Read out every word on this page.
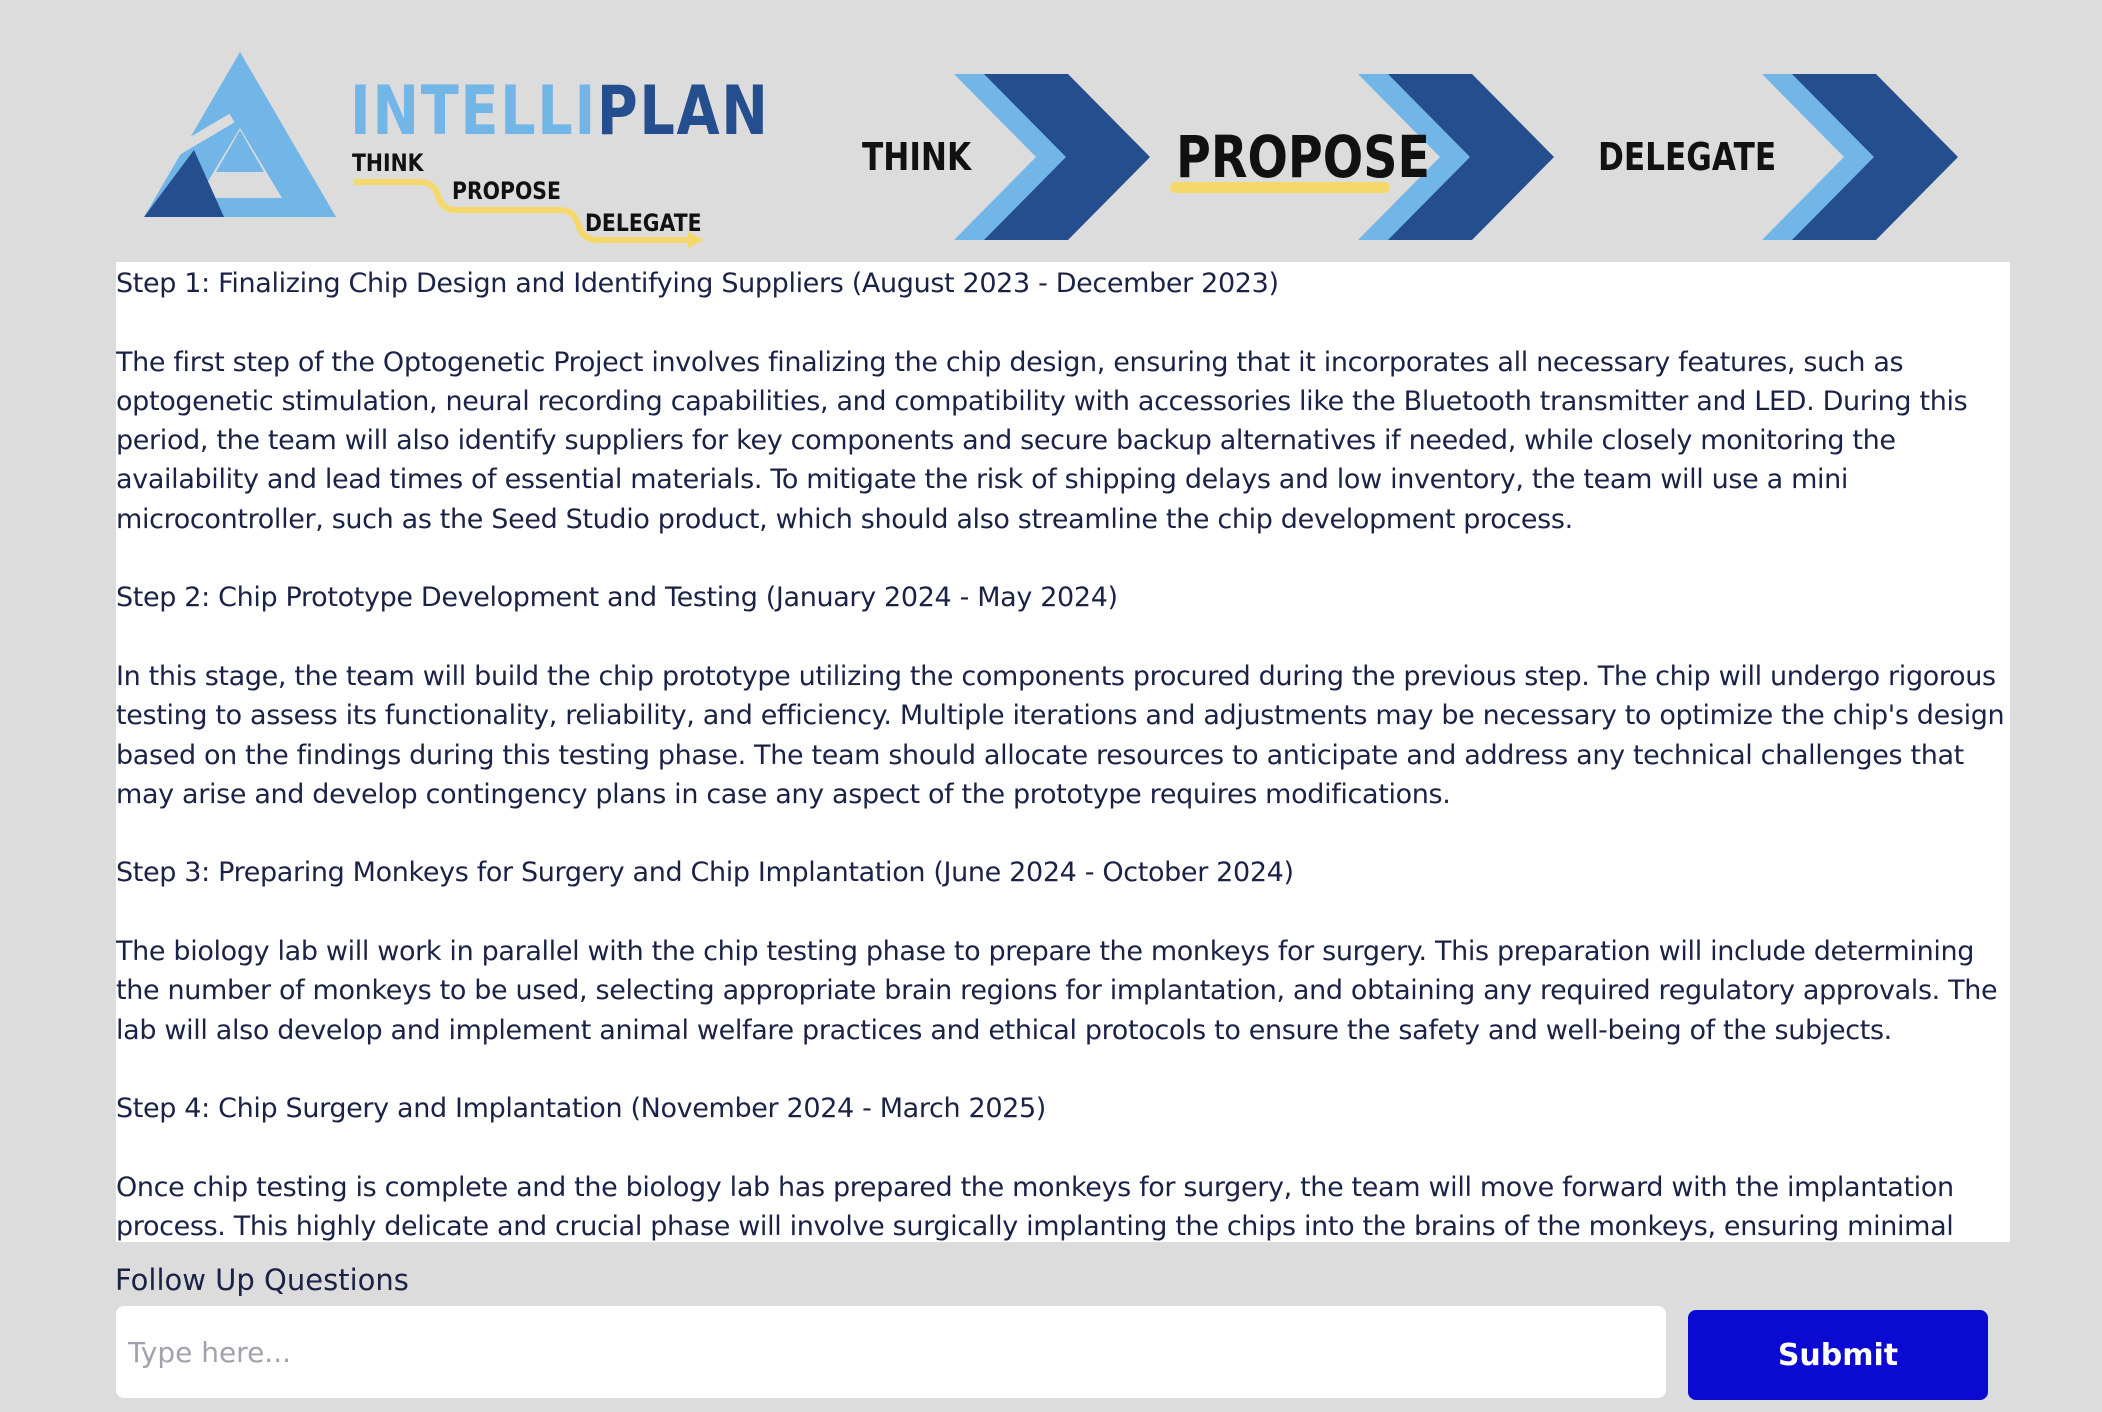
INTELLIPLAN
THINK
PROPOSE
DELEGATE
THINK	PROPOSE	DELEGATE

Step 1: Finalizing Chip Design and Identifying Suppliers (August 2023 - December 2023)

The first step of the Optogenetic Project involves finalizing the chip design, ensuring that it incorporates all necessary features, such as optogenetic stimulation, neural recording capabilities, and compatibility with accessories like the Bluetooth transmitter and LED. During this period, the team will also identify suppliers for key components and secure backup alternatives if needed, while closely monitoring the availability and lead times of essential materials. To mitigate the risk of shipping delays and low inventory, the team will use a mini microcontroller, such as the Seed Studio product, which should also streamline the chip development process.

Step 2: Chip Prototype Development and Testing (January 2024 - May 2024)

In this stage, the team will build the chip prototype utilizing the components procured during the previous step. The chip will undergo rigorous testing to assess its functionality, reliability, and efficiency. Multiple iterations and adjustments may be necessary to optimize the chip's design based on the findings during this testing phase. The team should allocate resources to anticipate and address any technical challenges that may arise and develop contingency plans in case any aspect of the prototype requires modifications.

Step 3: Preparing Monkeys for Surgery and Chip Implantation (June 2024 - October 2024)

The biology lab will work in parallel with the chip testing phase to prepare the monkeys for surgery. This preparation will include determining the number of monkeys to be used, selecting appropriate brain regions for implantation, and obtaining any required regulatory approvals. The lab will also develop and implement animal welfare practices and ethical protocols to ensure the safety and well-being of the subjects.

Step 4: Chip Surgery and Implantation (November 2024 - March 2025)

Once chip testing is complete and the biology lab has prepared the monkeys for surgery, the team will move forward with the implantation process. This highly delicate and crucial phase will involve surgically implanting the chips into the brains of the monkeys, ensuring minimal

Follow Up Questions
Type here...
Submit
